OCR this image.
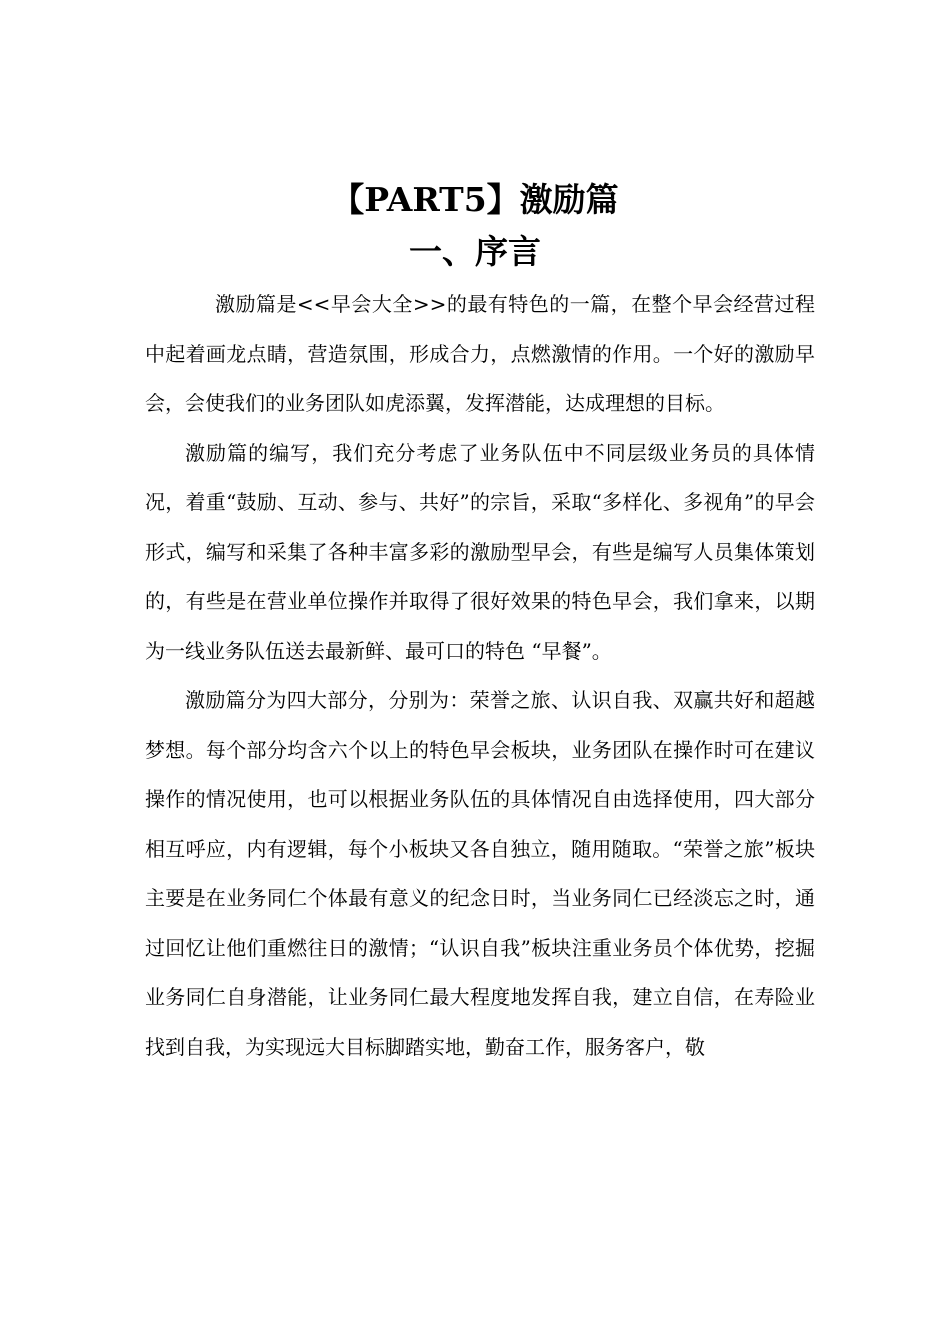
【PART5】激励篇
一、序言

激励篇是<<早会大全>>的最有特色的一篇，在整个早会经营过程中起着画龙点睛，营造氛围，形成合力，点燃激情的作用。一个好的激励早会，会使我们的业务团队如虎添翼，发挥潜能，达成理想的目标。

激励篇的编写，我们充分考虑了业务队伍中不同层级业务员的具体情况，着重“鼓励、互动、参与、共好”的宗旨，采取“多样化、多视角”的早会形式，编写和采集了各种丰富多彩的激励型早会，有些是编写人员集体策划的，有些是在营业单位操作并取得了很好效果的特色早会，我们拿来，以期为一线业务队伍送去最新鲜、最可口的特色 “早餐”。

激励篇分为四大部分，分别为：荣誉之旅、认识自我、双赢共好和超越梦想。每个部分均含六个以上的特色早会板块，业务团队在操作时可在建议操作的情况使用，也可以根据业务队伍的具体情况自由选择使用，四大部分相互呼应，内有逻辑，每个小板块又各自独立，随用随取。“荣誉之旅”板块主要是在业务同仁个体最有意义的纪念日时，当业务同仁已经淡忘之时，通过回忆让他们重燃往日的激情；“认识自我”板块注重业务员个体优势，挖掘业务同仁自身潜能，让业务同仁最大程度地发挥自我，建立自信，在寿险业找到自我，为实现远大目标脚踏实地，勤奋工作，服务客户，敬
